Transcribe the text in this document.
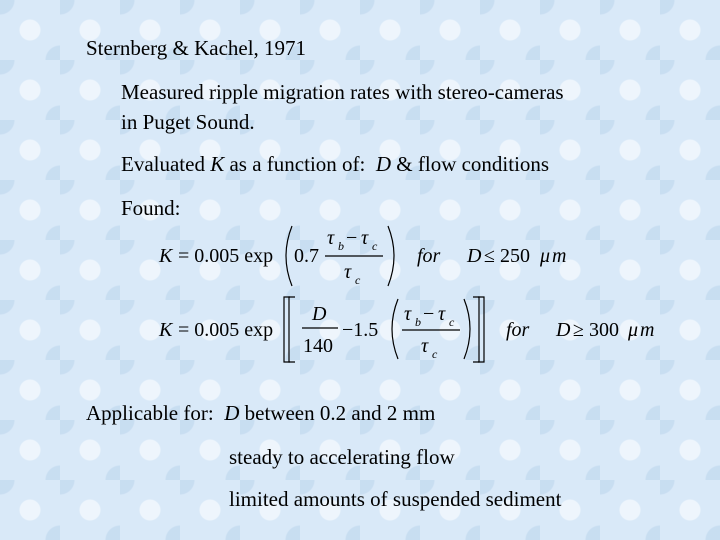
Sternberg & Kachel, 1971
Measured ripple migration rates with stereo-cameras
in Puget Sound.
Evaluated K as a function of: D & flow conditions
Found:
K = 0.005 exp 0.7
τ b − τ c
τ c
for D ≤ 250 μ m
K = 0.005 exp
D
140
−1.5
τ b − τ c
τ c
for D ≥ 300 μ m
Applicable for: D between 0.2 and 2 mm
steady to accelerating flow
limited amounts of suspended sediment
